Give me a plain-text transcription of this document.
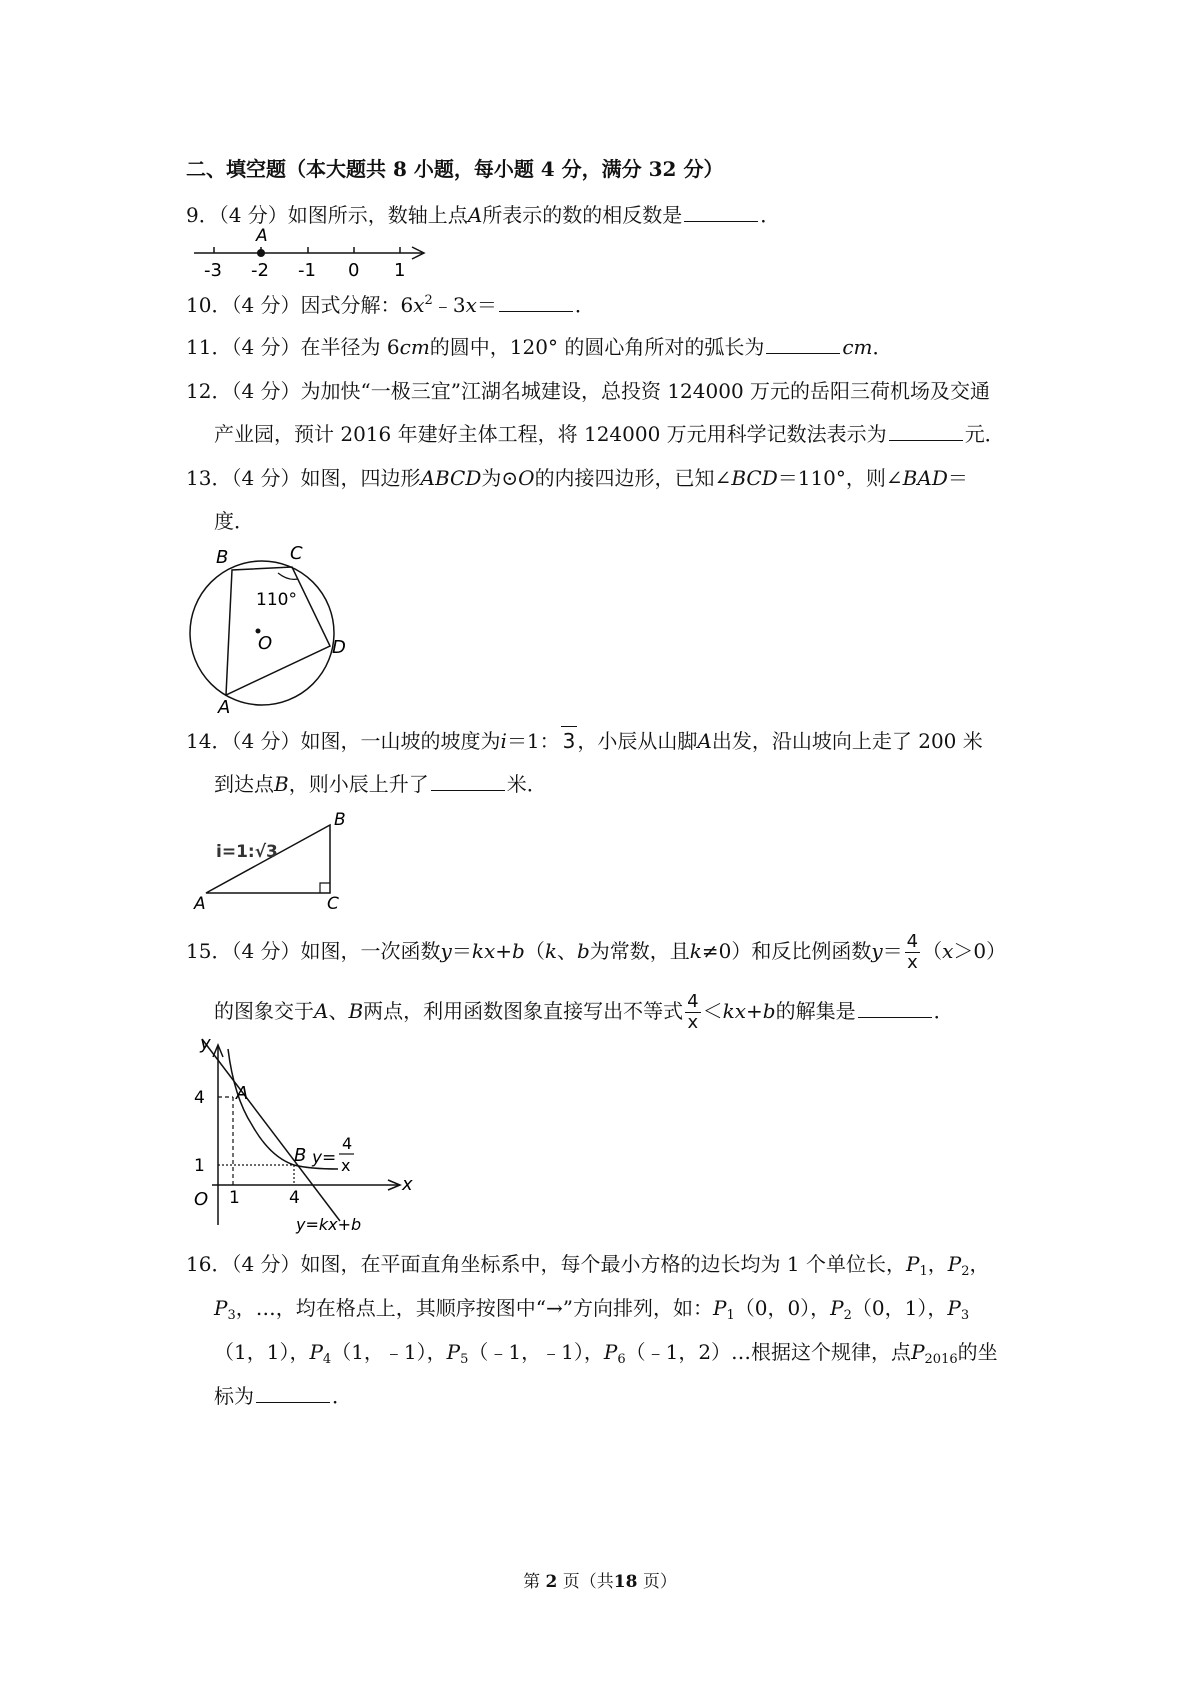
二、填空题（本大题共 8 小题，每小题 4 分，满分 32 分）
9．（4 分）如图所示，数轴上点A所表示的数的相反数是	．
A
-3 -2 -1 0 1
10．（4 分）因式分解：$6x^2﹣3x=$	．
11．（4 分）在半径为 6cm的圆中，120° 的圆心角所对的弧长为	cm．
12．（4 分）为加快“一极三宜”江湖名城建设，总投资 124000 万元的岳阳三荷机场及交通
产业园，预计 2016 年建好主体工程，将 124000 万元用科学记数法表示为	元．
13．（4 分）如图，四边形ABCD为⊙O的内接四边形，已知∠BCD＝110°，则∠BAD＝
度．
B	C
D
A
O
110°
14．（4 分）如图，一山坡的坡度为i＝1： 3 ，小辰从山脚A出发，沿山坡向上走了 200 米
到达点B，则小辰上升了	米．
i=1:√3
B
C
A
15．（4 分）如图，一次函数y＝kx+b（k、b为常数，且k≠0）和反比例函数$y= \frac{4}{x} (x>0)$
的图象交于A、B两点，利用函数图象直接写出不等式 $\frac{4}{x} <kx+b$的解集是	．
y
x
O
A
B
4
1
1	4
y=
4
x
y=kx+b
16．（4 分）如图，在平面直角坐标系中，每个最小方格的边长均为 1 个单位长，$P_1$，$P_2$，
$P_3$，…，均在格点上，其顺序按图中“→”方向排列，如：$P_1(0$，0），$P_2(0$，1），$P_3$
（1，1），$P_4(1$，﹣1），$P_5(﹣1$，﹣1），$P_6(﹣1$，2）…根据这个规律，点$P_{2016}$的坐
标为	．
第 2 页（共18 页）
